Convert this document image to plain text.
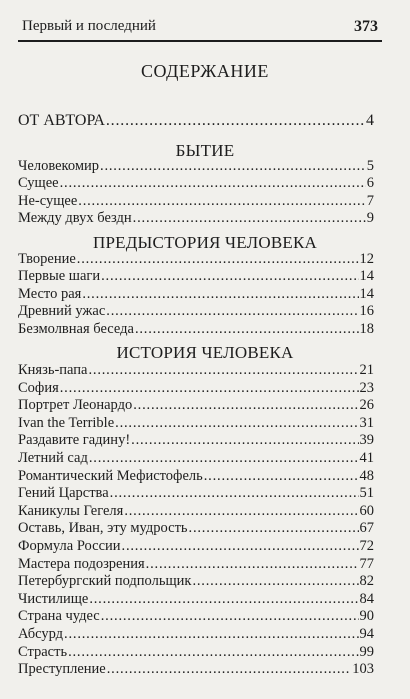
Первый и последний	373
СОДЕРЖАНИЕ
ОТ АВТОРА .....	4
БЫТИЕ
Человекомир .....	5
Сущее .....	6
Не-сущее .....	7
Между двух бездн .....	9
ПРЕДЫСТОРИЯ ЧЕЛОВЕКА
Творение .....	12
Первые шаги .....	14
Место рая .....	14
Древний ужас .....	16
Безмолвная беседа .....	18
ИСТОРИЯ ЧЕЛОВЕКА
Князь-папа .....	21
София .....	23
Портрет Леонардо .....	26
Ivan the Terrible .....	31
Раздавите гадину! .....	39
Летний сад .....	41
Романтический Мефистофель .....	48
Гений Царства .....	51
Каникулы Гегеля .....	60
Оставь, Иван, эту мудрость .....	67
Формула России .....	72
Мастера подозрения .....	77
Петербургский подпольщик .....	82
Чистилище .....	84
Страна чудес .....	90
Абсурд .....	94
Страсть .....	99
Преступление .....	103
